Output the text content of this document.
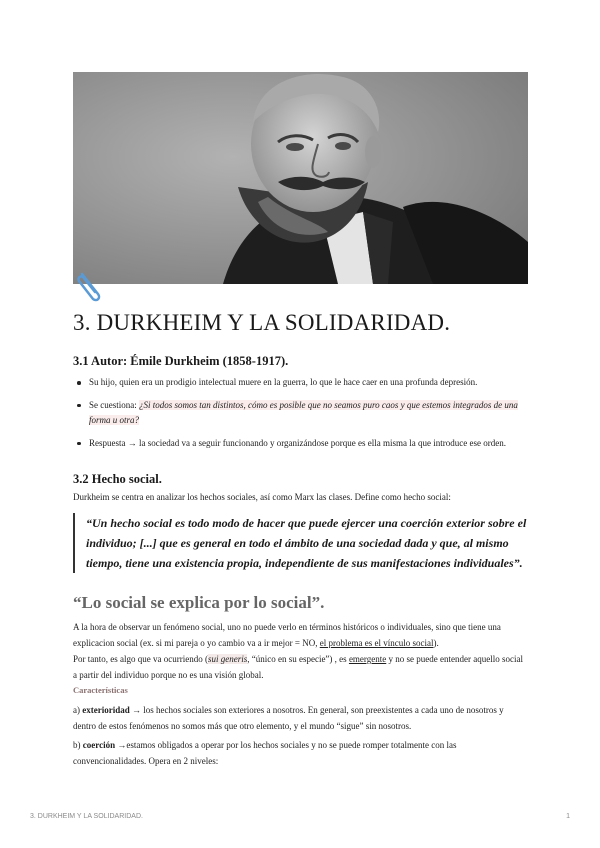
3. DURKHEIM Y LA SOLIDARIDAD.
3.1 Autor: Émile Durkheim (1858-1917).
Su hijo, quien era un prodigio intelectual muere en la guerra, lo que le hace caer en una profunda depresión.
Se cuestiona: ¿Si todos somos tan distintos, cómo es posible que no seamos puro caos y que estemos integrados de una forma u otra?
Respuesta → la sociedad va a seguir funcionando y organizándose porque es ella misma la que introduce ese orden.
3.2 Hecho social.

Durkheim se centra en analizar los hechos sociales, así como Marx las clases. Define como hecho social:

“Un hecho social es todo modo de hacer que puede ejercer una coerción exterior sobre el individuo; [...] que es general en todo el ámbito de una sociedad dada y que, al mismo tiempo, tiene una existencia propia, independiente de sus manifestaciones individuales”.
“Lo social se explica por lo social”.

A la hora de observar un fenómeno social, uno no puede verlo en términos históricos o individuales, sino que tiene una explicacion social (ex. si mi pareja o yo cambio va a ir mejor = NO, el problema es el vínculo social).

Por tanto, es algo que va ocurriendo (sui generis, “único en su especie”) , es emergente y no se puede entender aquello social a partir del individuo porque no es una visión global.

Características

a) exterioridad → los hechos sociales son exteriores a nosotros. En general, son preexistentes a cada uno de nosotros y dentro de estos fenómenos no somos más que otro elemento, y el mundo “sigue” sin nosotros.

b) coerción →estamos obligados a operar por los hechos sociales y no se puede romper totalmente con las convencionalidades. Opera en 2 niveles:

3. DURKHEIM Y LA SOLIDARIDAD.	1
